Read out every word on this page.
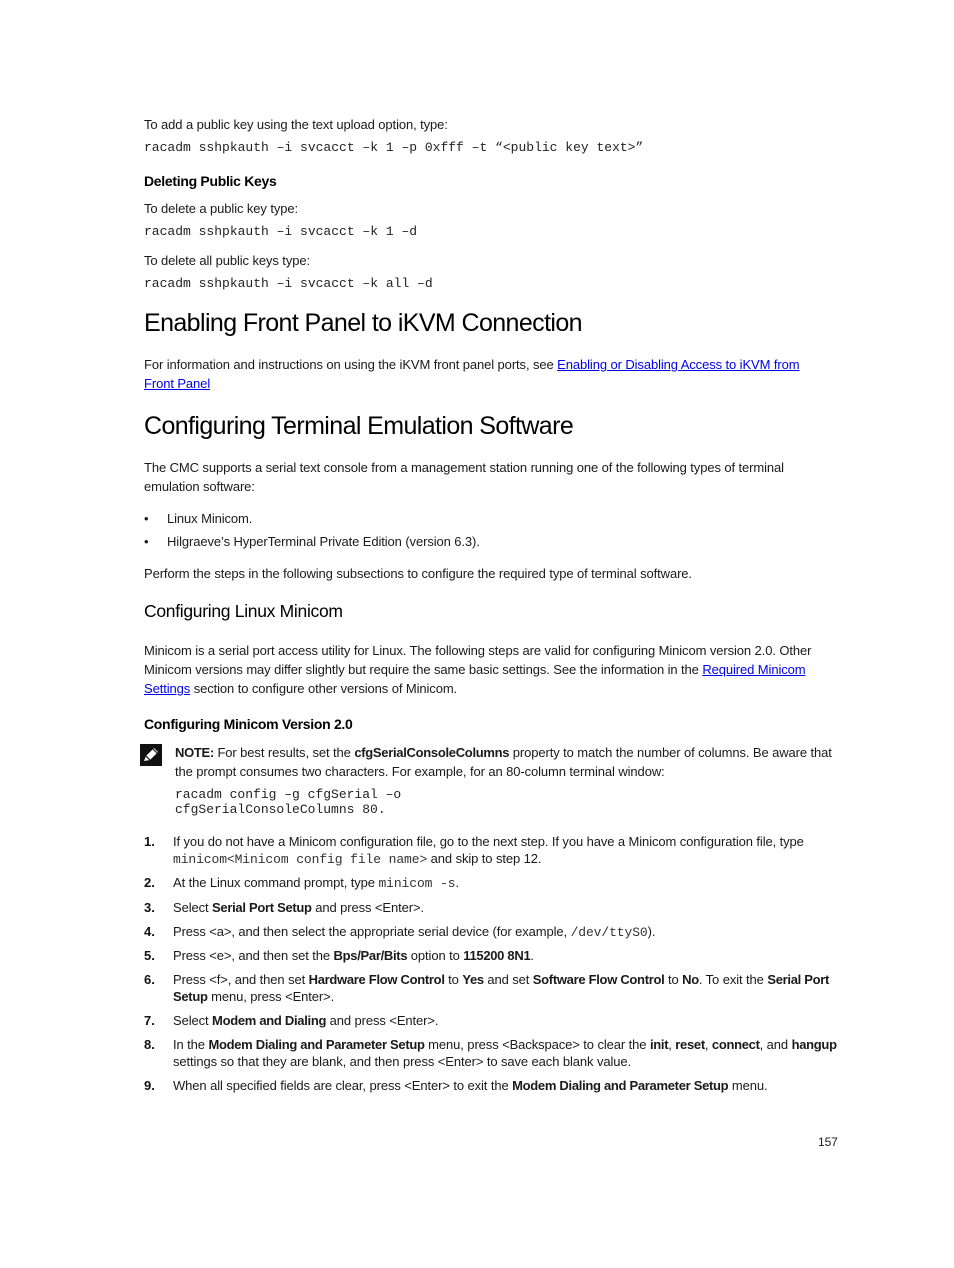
To add a public key using the text upload option, type:
racadm sshpkauth –i svcacct –k 1 –p 0xfff –t “<public key text>”
Deleting Public Keys
To delete a public key type:
racadm sshpkauth –i svcacct –k 1 –d
To delete all public keys type:
racadm sshpkauth –i svcacct –k all –d
Enabling Front Panel to iKVM Connection
For information and instructions on using the iKVM front panel ports, see Enabling or Disabling Access to iKVM from
Front Panel
Configuring Terminal Emulation Software
The CMC supports a serial text console from a management station running one of the following types of terminal
emulation software:
• Linux Minicom.
• Hilgraeve’s HyperTerminal Private Edition (version 6.3).
Perform the steps in the following subsections to configure the required type of terminal software.
Configuring Linux Minicom
Minicom is a serial port access utility for Linux. The following steps are valid for configuring Minicom version 2.0. Other
Minicom versions may differ slightly but require the same basic settings. See the information in the Required Minicom
Settings section to configure other versions of Minicom.
Configuring Minicom Version 2.0
NOTE: For best results, set the cfgSerialConsoleColumns property to match the number of columns. Be aware that
the prompt consumes two characters. For example, for an 80-column terminal window:
racadm config –g cfgSerial –o
cfgSerialConsoleColumns 80.
1. If you do not have a Minicom configuration file, go to the next step. If you have a Minicom configuration file, type
minicom<Minicom config file name> and skip to step 12.
2. At the Linux command prompt, type minicom -s.
3. Select Serial Port Setup and press <Enter>.
4. Press <a>, and then select the appropriate serial device (for example, /dev/ttyS0).
5. Press <e>, and then set the Bps/Par/Bits option to 115200 8N1.
6. Press <f>, and then set Hardware Flow Control to Yes and set Software Flow Control to No. To exit the Serial Port
Setup menu, press <Enter>.
7. Select Modem and Dialing and press <Enter>.
8. In the Modem Dialing and Parameter Setup menu, press <Backspace> to clear the init, reset, connect, and hangup
settings so that they are blank, and then press <Enter> to save each blank value.
9. When all specified fields are clear, press <Enter> to exit the Modem Dialing and Parameter Setup menu.
157
